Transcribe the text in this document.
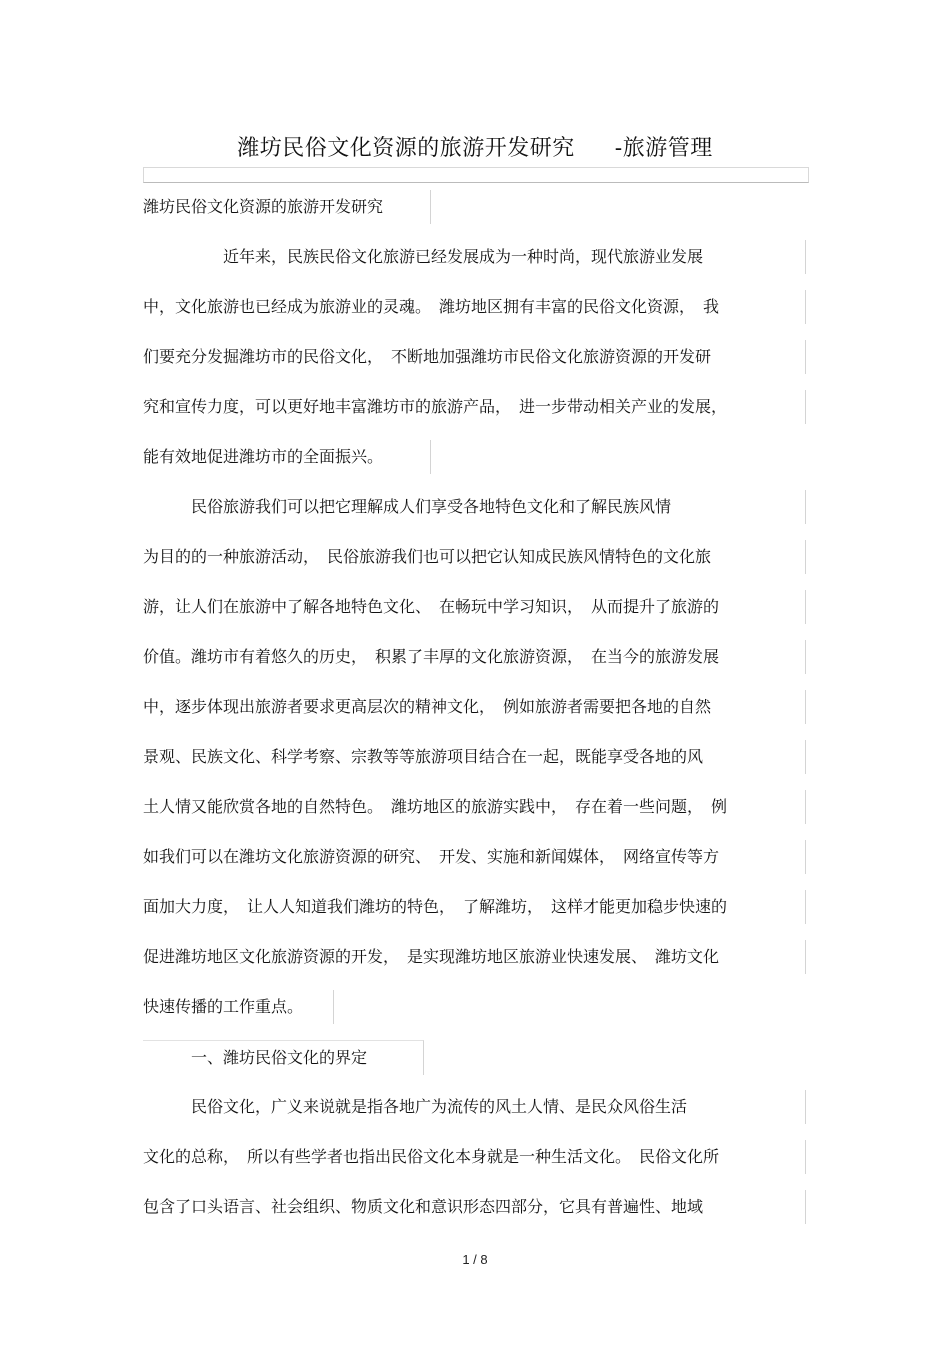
潍坊民俗文化资源的旅游开发研究 -旅游管理
潍坊民俗文化资源的旅游开发研究
　　　　　近年来，民族民俗文化旅游已经发展成为一种时尚，现代旅游业发展
中，文化旅游也已经成为旅游业的灵魂。　潍坊地区拥有丰富的民俗文化资源，　我
们要充分发掘潍坊市的民俗文化，　不断地加强潍坊市民俗文化旅游资源的开发研
究和宣传力度，可以更好地丰富潍坊市的旅游产品，　进一步带动相关产业的发展，
能有效地促进潍坊市的全面振兴。
　　　民俗旅游我们可以把它理解成人们享受各地特色文化和了解民族风情
为目的的一种旅游活动，　民俗旅游我们也可以把它认知成民族风情特色的文化旅
游，让人们在旅游中了解各地特色文化、　在畅玩中学习知识，　从而提升了旅游的
价值。潍坊市有着悠久的历史，　积累了丰厚的文化旅游资源，　在当今的旅游发展
中，逐步体现出旅游者要求更高层次的精神文化，　例如旅游者需要把各地的自然
景观、民族文化、科学考察、宗教等等旅游项目结合在一起，既能享受各地的风
土人情又能欣赏各地的自然特色。　潍坊地区的旅游实践中，　存在着一些问题，　例
如我们可以在潍坊文化旅游资源的研究、　开发、实施和新闻媒体，　网络宣传等方
面加大力度，　让人人知道我们潍坊的特色，　了解潍坊，　这样才能更加稳步快速的
促进潍坊地区文化旅游资源的开发，　是实现潍坊地区旅游业快速发展、　潍坊文化
快速传播的工作重点。
　　　一、潍坊民俗文化的界定
　　　民俗文化，广义来说就是指各地广为流传的风土人情、是民众风俗生活
文化的总称，　所以有些学者也指出民俗文化本身就是一种生活文化。　民俗文化所
包含了口头语言、社会组织、物质文化和意识形态四部分，它具有普遍性、地域
1 / 8
